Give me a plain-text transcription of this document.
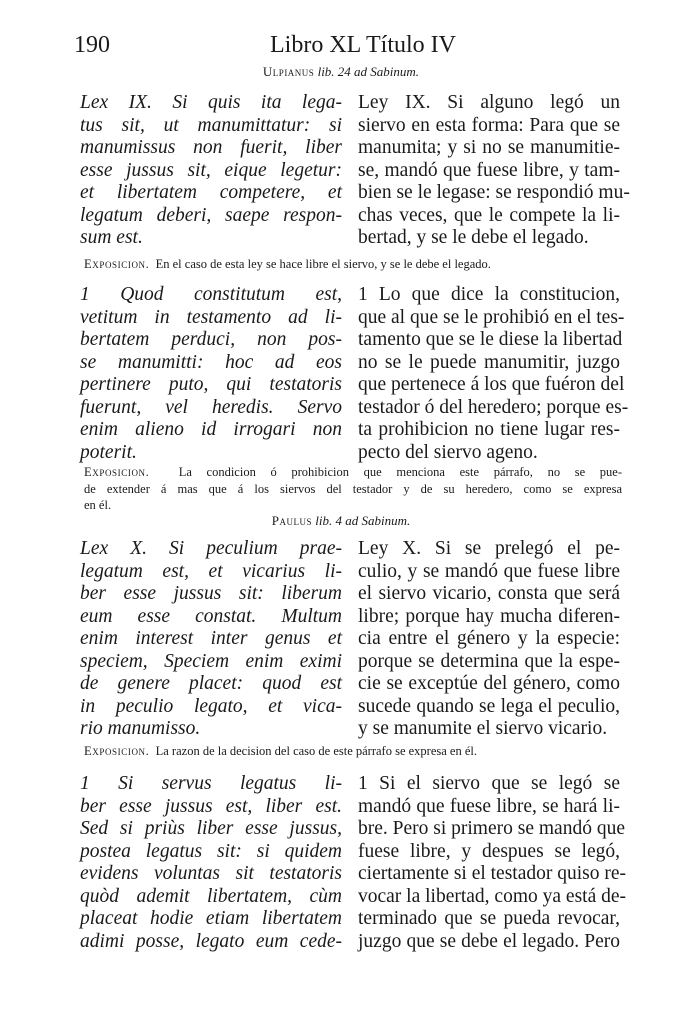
190	Libro XL Título IV
Ulpianus lib. 24 ad Sabinum.
Lex IX. Si quis ita lega-
tus sit, ut manumittatur: si
manumissus non fuerit, liber
esse jussus sit, eique legetur:
et libertatem competere, et
legatum deberi, saepe respon-
sum est.
Ley IX. Si alguno legó un
siervo en esta forma: Para que se
manumita; y si no se manumitie-
se, mandó que fuese libre, y tam-
bien se le legase: se respondió mu-
chas veces, que le compete la li-
bertad, y se le debe el legado.
Exposicion. En el caso de esta ley se hace libre el siervo, y se le debe el legado.
1 Quod constitutum est,
vetitum in testamento ad li-
bertatem perduci, non pos-
se manumitti: hoc ad eos
pertinere puto, qui testatoris
fuerunt, vel heredis. Servo
enim alieno id irrogari non
poterit.
1 Lo que dice la constitucion,
que al que se le prohibió en el tes-
tamento que se le diese la libertad
no se le puede manumitir, juzgo
que pertenece á los que fuéron del
testador ó del heredero; porque es-
ta prohibicion no tiene lugar res-
pecto del siervo ageno.
Exposicion. La condicion ó prohibicion que menciona este párrafo, no se pue-
de extender á mas que á los siervos del testador y de su heredero, como se expresa
en él.
Paulus lib. 4 ad Sabinum.
Lex X. Si peculium prae-
legatum est, et vicarius li-
ber esse jussus sit: liberum
eum esse constat. Multum
enim interest inter genus et
speciem, Speciem enim eximi
de genere placet: quod est
in peculio legato, et vica-
rio manumisso.
Ley X. Si se prelegó el pe-
culio, y se mandó que fuese libre
el siervo vicario, consta que será
libre; porque hay mucha diferen-
cia entre el género y la especie:
porque se determina que la espe-
cie se exceptúe del género, como
sucede quando se lega el peculio,
y se manumite el siervo vicario.
Exposicion. La razon de la decision del caso de este párrafo se expresa en él.
1 Si servus legatus li-
ber esse jussus est, liber est.
Sed si priùs liber esse jussus,
postea legatus sit: si quidem
evidens voluntas sit testatoris
quòd ademit libertatem, cùm
placeat hodie etiam libertatem
adimi posse, legato eum cede-
1 Si el siervo que se legó se
mandó que fuese libre, se hará li-
bre. Pero si primero se mandó que
fuese libre, y despues se legó,
ciertamente si el testador quiso re-
vocar la libertad, como ya está de-
terminado que se pueda revocar,
juzgo que se debe el legado. Pero
